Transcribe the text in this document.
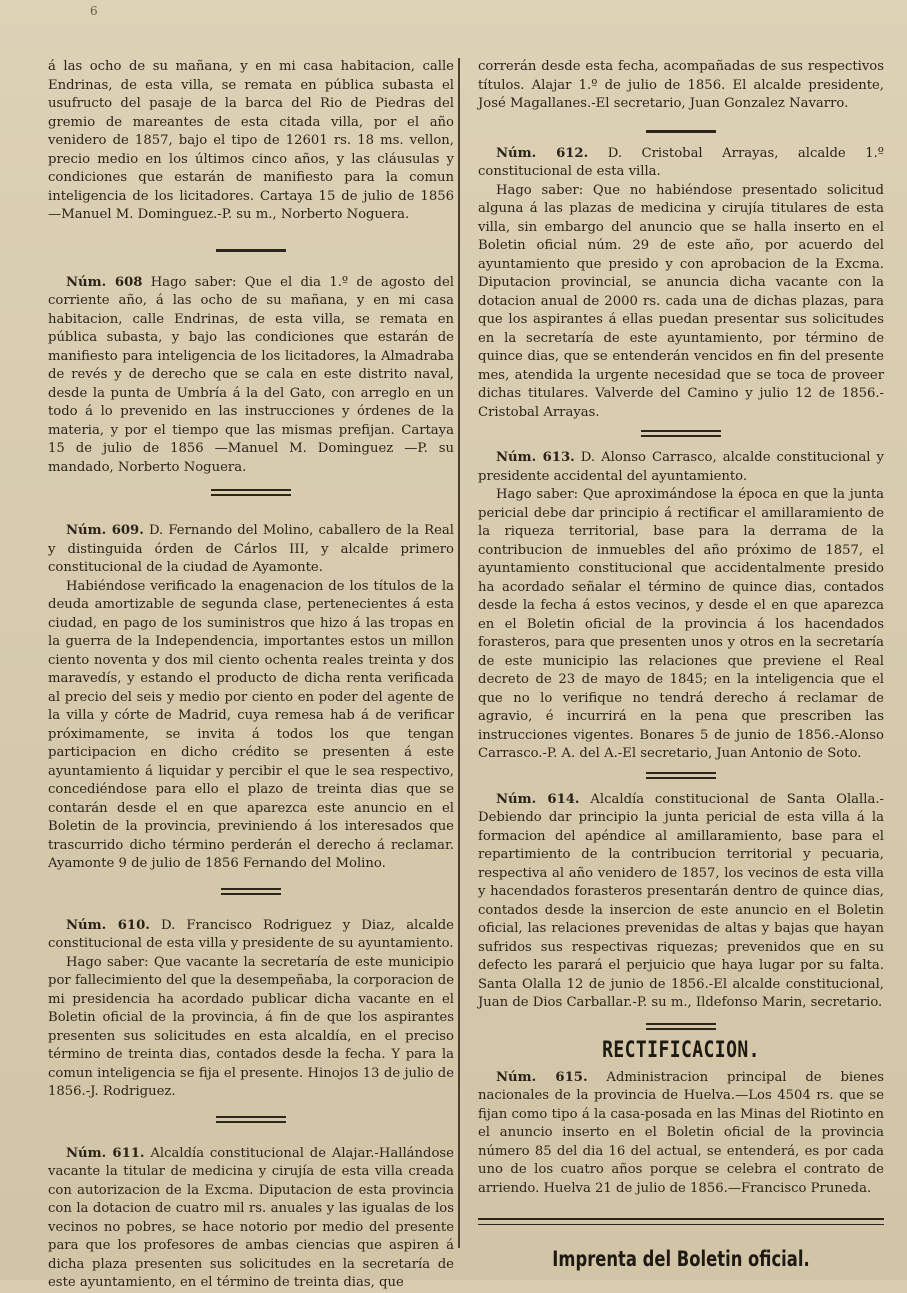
6

á las ocho de su mañana, y en mi casa habitacion, calle Endrinas, de esta villa, se remata en pública subasta el usufructo del pasaje de la barca del Rio de Piedras del gremio de mareantes de esta citada villa, por el año venidero de 1857, bajo el tipo de 12601 rs. 18 ms. vellon, precio medio en los últimos cinco años, y las cláusulas y condiciones que estarán de manifiesto para la comun inteligencia de los licitadores. Cartaya 15 de julio de 1856 —Manuel M. Dominguez.-P. su m., Norberto Noguera.

Núm. 608 Hago saber: Que el dia 1.º de agosto del corriente año, á las ocho de su mañana, y en mi casa habitacion, calle Endrinas, de esta villa, se remata en pública subasta, y bajo las condiciones que estarán de manifiesto para inteligencia de los licitadores, la Almadraba de revés y de derecho que se cala en este distrito naval, desde la punta de Umbría á la del Gato, con arreglo en un todo á lo prevenido en las instrucciones y órdenes de la materia, y por el tiempo que las mismas prefijan. Cartaya 15 de julio de 1856 —Manuel M. Dominguez —P. su mandado, Norberto Noguera.

Núm. 609. D. Fernando del Molino, caballero de la Real y distinguida órden de Cárlos III, y alcalde primero constitucional de la ciudad de Ayamonte.

Habiéndose verificado la enagenacion de los títulos de la deuda amortizable de segunda clase, pertenecientes á esta ciudad, en pago de los suministros que hizo á las tropas en la guerra de la Independencia, importantes estos un millon ciento noventa y dos mil ciento ochenta reales treinta y dos maravedís, y estando el producto de dicha renta verificada al precio del seis y medio por ciento en poder del agente de la villa y córte de Madrid, cuya remesa hab á de verificar próximamente, se invita á todos los que tengan participacion en dicho crédito se presenten á este ayuntamiento á liquidar y percibir el que le sea respectivo, concediéndose para ello el plazo de treinta dias que se contarán desde el en que aparezca este anuncio en el Boletin de la provincia, previniendo á los interesados que trascurrido dicho término perderán el derecho á reclamar. Ayamonte 9 de julio de 1856 Fernando del Molino.

Núm. 610. D. Francisco Rodriguez y Diaz, alcalde constitucional de esta villa y presidente de su ayuntamiento.

Hago saber: Que vacante la secretaría de este municipio por fallecimiento del que la desempeñaba, la corporacion de mi presidencia ha acordado publicar dicha vacante en el Boletin oficial de la provincia, á fin de que los aspirantes presenten sus solicitudes en esta alcaldía, en el preciso término de treinta dias, contados desde la fecha. Y para la comun inteligencia se fija el presente. Hinojos 13 de julio de 1856.-J. Rodriguez.

Núm. 611. Alcaldía constitucional de Alajar.-Hallándose vacante la titular de medicina y cirujía de esta villa creada con autorizacion de la Excma. Diputacion de esta provincia con la dotacion de cuatro mil rs. anuales y las igualas de los vecinos no pobres, se hace notorio por medio del presente para que los profesores de ambas ciencias que aspiren á dicha plaza presenten sus solicitudes en la secretaría de este ayuntamiento, en el término de treinta dias, que

correrán desde esta fecha, acompañadas de sus respectivos títulos. Alajar 1.º de julio de 1856. El alcalde presidente, José Magallanes.-El secretario, Juan Gonzalez Navarro.

Núm. 612. D. Cristobal Arrayas, alcalde 1.º constitucional de esta villa.

Hago saber: Que no habiéndose presentado solicitud alguna á las plazas de medicina y cirujía titulares de esta villa, sin embargo del anuncio que se halla inserto en el Boletin oficial núm. 29 de este año, por acuerdo del ayuntamiento que presido y con aprobacion de la Excma. Diputacion provincial, se anuncia dicha vacante con la dotacion anual de 2000 rs. cada una de dichas plazas, para que los aspirantes á ellas puedan presentar sus solicitudes en la secretaría de este ayuntamiento, por término de quince dias, que se entenderán vencidos en fin del presente mes, atendida la urgente necesidad que se toca de proveer dichas titulares. Valverde del Camino y julio 12 de 1856.-Cristobal Arrayas.

Núm. 613. D. Alonso Carrasco, alcalde constitucional y presidente accidental del ayuntamiento.

Hago saber: Que aproximándose la época en que la junta pericial debe dar principio á rectificar el amillaramiento de la riqueza territorial, base para la derrama de la contribucion de inmuebles del año próximo de 1857, el ayuntamiento constitucional que accidentalmente presido ha acordado señalar el término de quince dias, contados desde la fecha á estos vecinos, y desde el en que aparezca en el Boletin oficial de la provincia á los hacendados forasteros, para que presenten unos y otros en la secretaría de este municipio las relaciones que previene el Real decreto de 23 de mayo de 1845; en la inteligencia que el que no lo verifique no tendrá derecho á reclamar de agravio, é incurrirá en la pena que prescriben las instrucciones vigentes. Bonares 5 de junio de 1856.-Alonso Carrasco.-P. A. del A.-El secretario, Juan Antonio de Soto.

Núm. 614. Alcaldía constitucional de Santa Olalla.-Debiendo dar principio la junta pericial de esta villa á la formacion del apéndice al amillaramiento, base para el repartimiento de la contribucion territorial y pecuaria, respectiva al año venidero de 1857, los vecinos de esta villa y hacendados forasteros presentarán dentro de quince dias, contados desde la insercion de este anuncio en el Boletin oficial, las relaciones prevenidas de altas y bajas que hayan sufridos sus respectivas riquezas; prevenidos que en su defecto les parará el perjuicio que haya lugar por su falta. Santa Olalla 12 de junio de 1856.-El alcalde constitucional, Juan de Dios Carballar.-P. su m., Ildefonso Marin, secretario.

RECTIFICACION.

Núm. 615. Administracion principal de bienes nacionales de la provincia de Huelva.—Los 4504 rs. que se fijan como tipo á la casa-posada en las Minas del Riotinto en el anuncio inserto en el Boletin oficial de la provincia número 85 del dia 16 del actual, se entenderá, es por cada uno de los cuatro años porque se celebra el contrato de arriendo. Huelva 21 de julio de 1856.—Francisco Pruneda.

Imprenta del Boletin oficial.
